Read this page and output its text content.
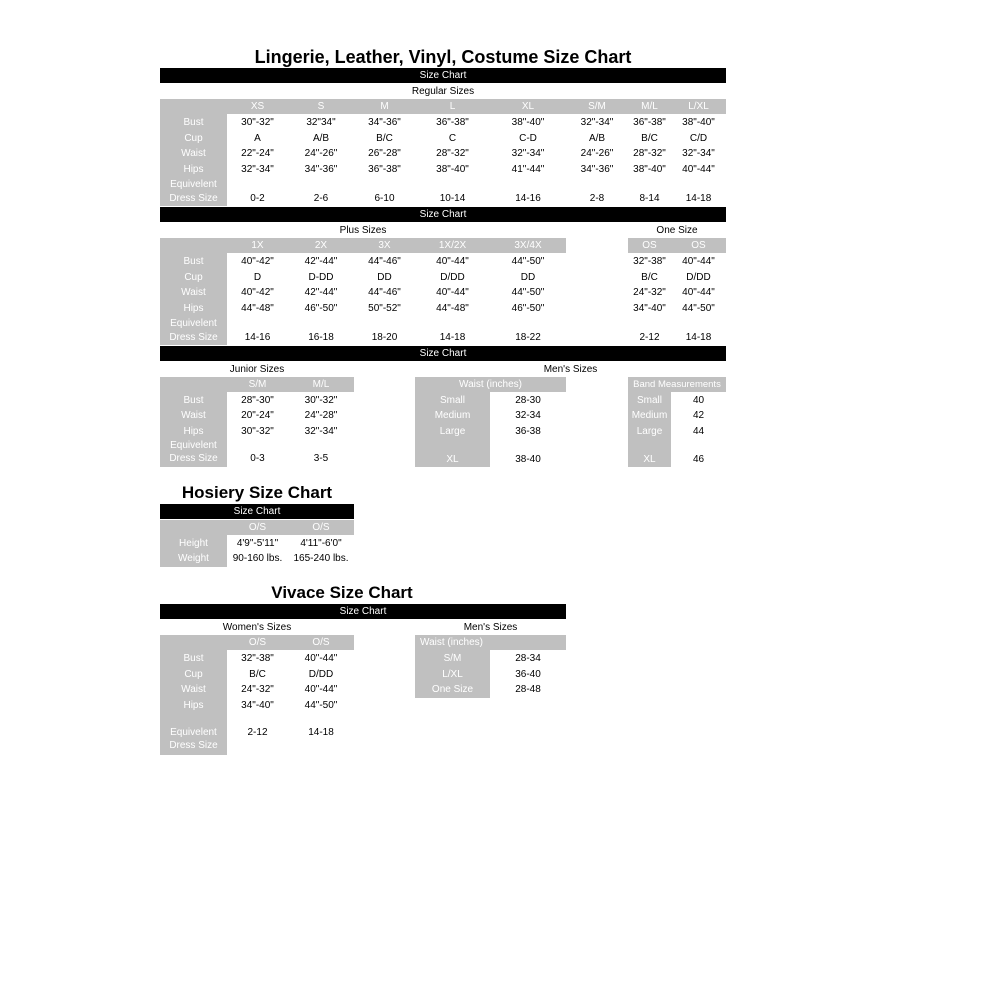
Lingerie, Leather, Vinyl, Costume Size Chart
Size Chart
Regular Sizes
XS	S	M	L	XL	S/M	M/L	L/XL
Bust	30"-32"	32"34"	34"-36"	36"-38"	38"-40"	32"-34"	36"-38"	38"-40"
Cup	A	A/B	B/C	C	C-D	A/B	B/C	C/D
Waist	22"-24"	24"-26"	26"-28"	28"-32"	32"-34"	24"-26"	28"-32"	32"-34"
Hips	32"-34"	34"-36"	36"-38"	38"-40"	41"-44"	34"-36"	38"-40"	40"-44"
Equivelent
Dress Size	0-2	2-6	6-10	10-14	14-16	2-8	8-14	14-18
Size Chart
Plus Sizes	One Size
1X	2X	3X	1X/2X	3X/4X	OS	OS
Bust	40"-42"	42"-44"	44"-46"	40"-44"	44"-50"	32"-38"	40"-44"
Cup	D	D-DD	DD	D/DD	DD	B/C	D/DD
Waist	40"-42"	42"-44"	44"-46"	40"-44"	44"-50"	24"-32"	40"-44"
Hips	44"-48"	46"-50"	50"-52"	44"-48"	46"-50"	34"-40"	44"-50"
Equivelent
Dress Size	14-16	16-18	18-20	14-18	18-22	2-12	14-18
Size Chart
Junior Sizes
S/M	M/L
Bust	28"-30"	30"-32"
Waist	20"-24"	24"-28"
Hips	30"-32"	32"-34"
Equivelent
Dress Size	0-3	3-5
Men's Sizes
Waist (inches)	Band Measurements
Small	28-30	Small	40
Medium	32-34	Medium	42
Large	36-38	Large	44
XL	38-40	XL	46
Hosiery Size Chart
Size Chart
O/S	O/S
Height	4'9"-5'11"	4'11"-6'0"
Weight	90-160 lbs.	165-240 lbs.
Vivace Size Chart
Size Chart
Women's Sizes	Men's Sizes
Waist (inches)
O/S	O/S
Bust	32"-38"	40"-44"
Cup	B/C	D/DD
Waist	24"-32"	40"-44"
Hips	34"-40"	44"-50"
Equivelent
Dress Size
2-12	14-18
S/M	28-34
L/XL	36-40
One Size	28-48
